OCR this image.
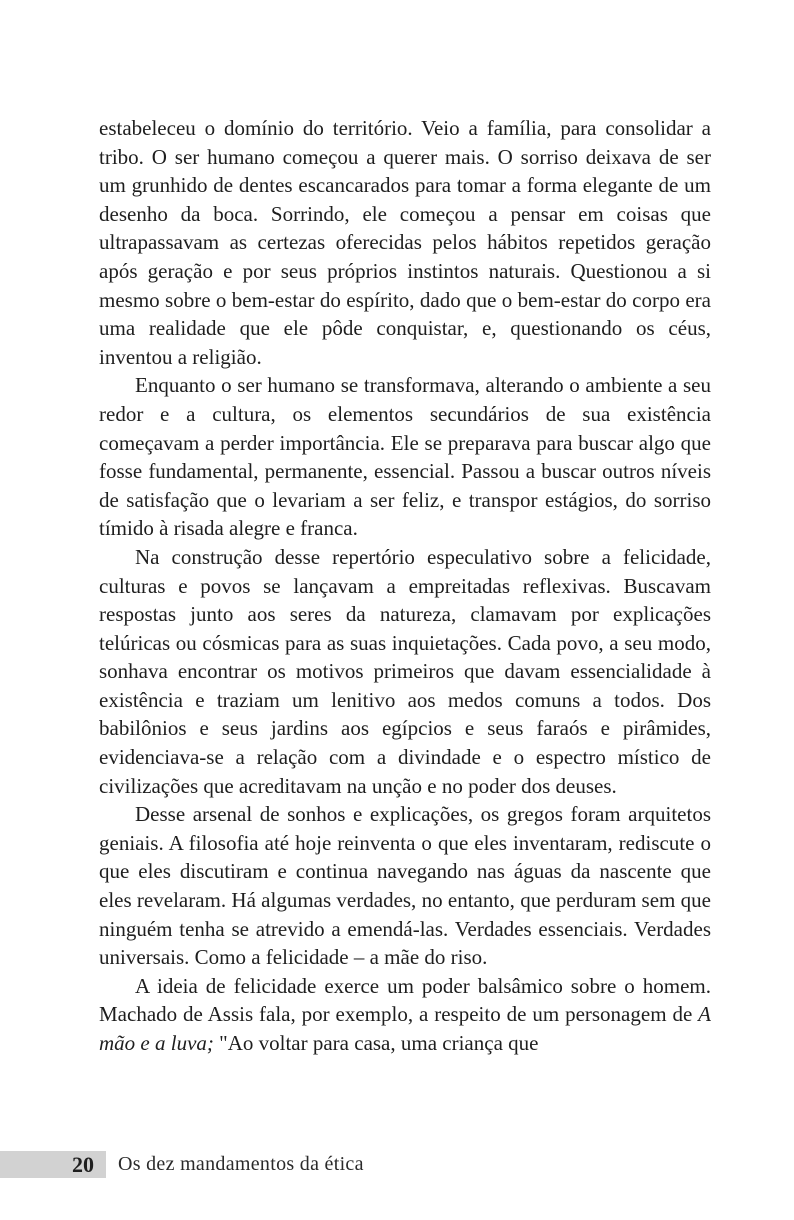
estabeleceu o domínio do território. Veio a família, para consolidar a tribo. O ser humano começou a querer mais. O sorriso deixava de ser um grunhido de dentes escancarados para tomar a forma elegante de um desenho da boca. Sorrindo, ele começou a pensar em coisas que ultrapassavam as certezas oferecidas pelos hábitos repetidos geração após geração e por seus próprios instintos naturais. Questionou a si mesmo sobre o bem-estar do espírito, dado que o bem-estar do corpo era uma realidade que ele pôde conquistar, e, questionando os céus, inventou a religião.

Enquanto o ser humano se transformava, alterando o ambiente a seu redor e a cultura, os elementos secundários de sua existência começavam a perder importância. Ele se preparava para buscar algo que fosse fundamental, permanente, essencial. Passou a buscar outros níveis de satisfação que o levariam a ser feliz, e transpor estágios, do sorriso tímido à risada alegre e franca.

Na construção desse repertório especulativo sobre a felicidade, culturas e povos se lançavam a empreitadas reflexivas. Buscavam respostas junto aos seres da natureza, clamavam por explicações telúricas ou cósmicas para as suas inquietações. Cada povo, a seu modo, sonhava encontrar os motivos primeiros que davam essencialidade à existência e traziam um lenitivo aos medos comuns a todos. Dos babilônios e seus jardins aos egípcios e seus faraós e pirâmides, evidenciava-se a relação com a divindade e o espectro místico de civilizações que acreditavam na unção e no poder dos deuses.

Desse arsenal de sonhos e explicações, os gregos foram arquitetos geniais. A filosofia até hoje reinventa o que eles inventaram, rediscute o que eles discutiram e continua navegando nas águas da nascente que eles revelaram. Há algumas verdades, no entanto, que perduram sem que ninguém tenha se atrevido a emendá-las. Verdades essenciais. Verdades universais. Como a felicidade – a mãe do riso.

A ideia de felicidade exerce um poder balsâmico sobre o homem. Machado de Assis fala, por exemplo, a respeito de um personagem de A mão e a luva; "Ao voltar para casa, uma criança que

20 Os dez mandamentos da ética
